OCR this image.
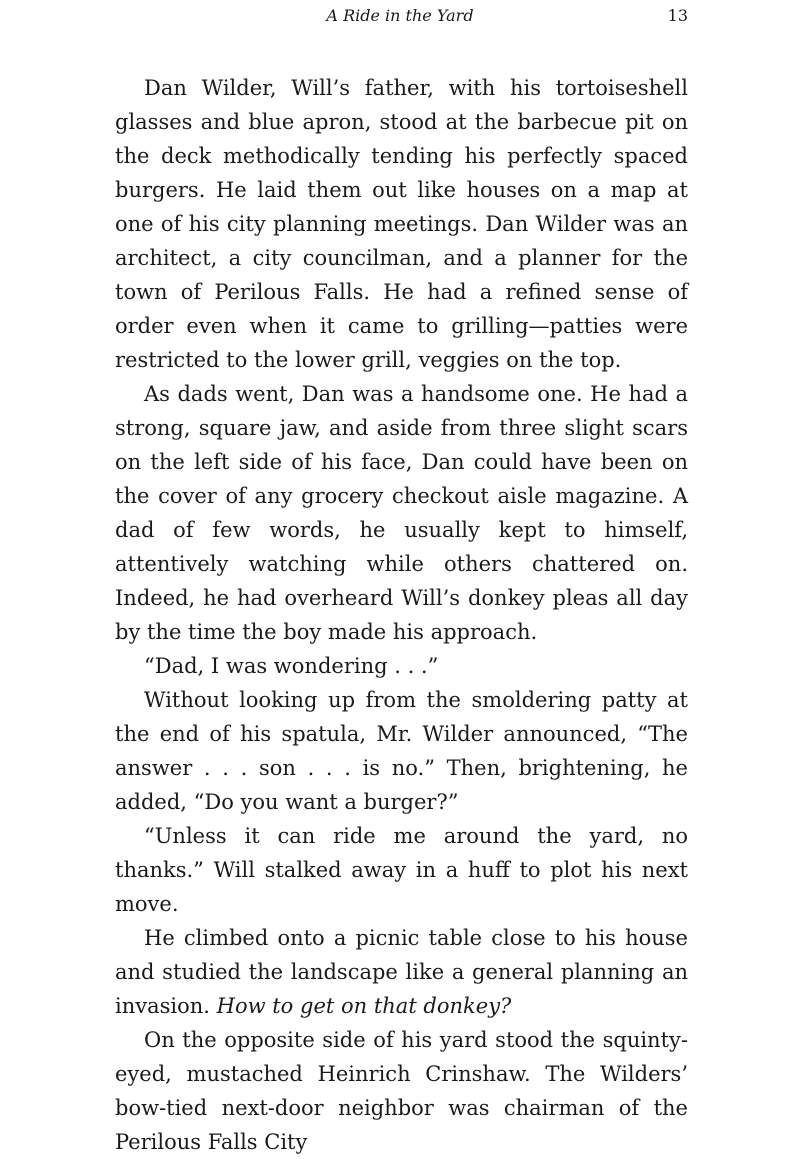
A Ride in the Yard	13

Dan Wilder, Will’s father, with his tortoiseshell glasses and blue apron, stood at the barbecue pit on the deck methodically tending his perfectly spaced burgers. He laid them out like houses on a map at one of his city planning meetings. Dan Wilder was an architect, a city councilman, and a planner for the town of Perilous Falls. He had a refined sense of order even when it came to grilling—patties were restricted to the lower grill, veggies on the top.

As dads went, Dan was a handsome one. He had a strong, square jaw, and aside from three slight scars on the left side of his face, Dan could have been on the cover of any grocery checkout aisle magazine. A dad of few words, he usually kept to himself, attentively watching while others chattered on. Indeed, he had overheard Will’s donkey pleas all day by the time the boy made his approach.

“Dad, I was wondering . . .”

Without looking up from the smoldering patty at the end of his spatula, Mr. Wilder announced, “The answer . . . son . . . is no.” Then, brightening, he added, “Do you want a burger?”

“Unless it can ride me around the yard, no thanks.” Will stalked away in a huff to plot his next move.

He climbed onto a picnic table close to his house and studied the landscape like a general planning an invasion. How to get on that donkey?

On the opposite side of his yard stood the squinty-eyed, mustached Heinrich Crinshaw. The Wilders’ bow-tied next-door neighbor was chairman of the Perilous Falls City
